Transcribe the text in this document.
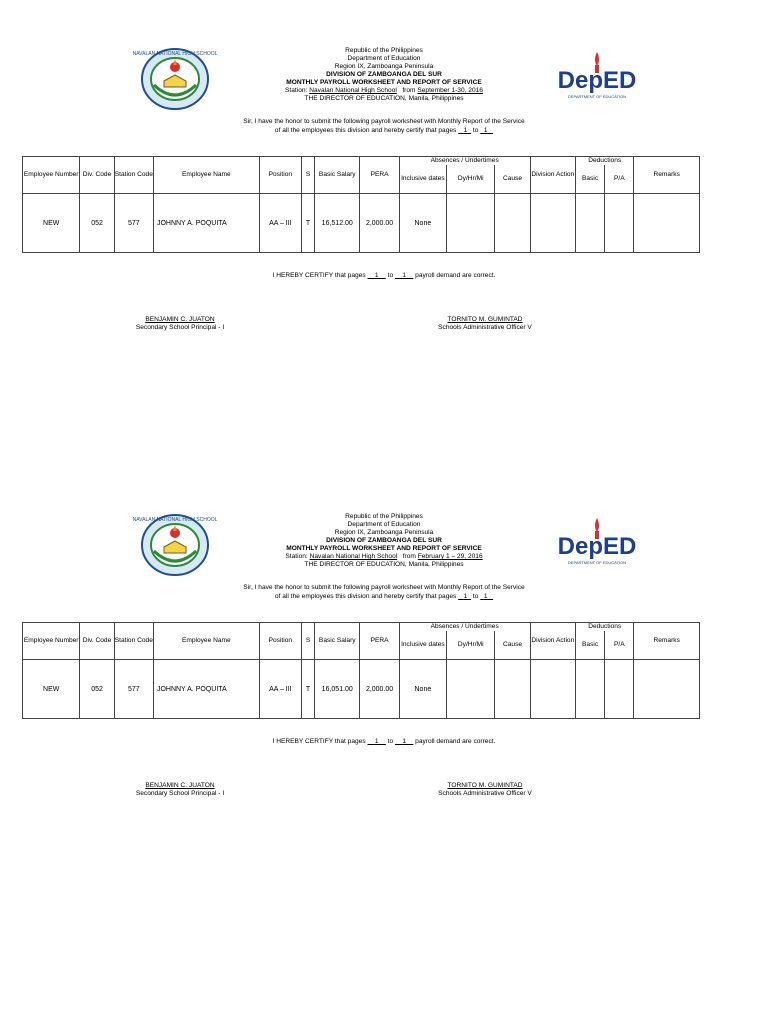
NAVALAN NATIONAL HIGH SCHOOL
DepED
DEPARTMENT OF EDUCATION
Republic of the Philippines
Department of Education
Region IX, Zamboanga Peninsula
DIVISION OF ZAMBOANGA DEL SUR
MONTHLY PAYROLL WORKSHEET AND REPORT OF SERVICE
Station: Navalan National High School from September 1-30, 2016
THE DIRECTOR OF EDUCATION, Manila, Philippines
Sir, I have the honor to submit the following payroll worksheet with Monthly Report of the Service
of all the employees this division and hereby certify that pages 1 to 1
Employee Number	Div. Code	Station Code	Employee Name	Position	S	Basic Salary	PERA	Absences / Undertimes			Division Action	Deductions		Remarks
								Inclusive dates	Dy/Hr/Mi	Cause		Basic	P/A	
NEW	052	577	JOHNNY A. POQUITA	AA – III	T	16,512.00	2,000.00	None						
I HEREBY CERTIFY that pages 1 to 1 payroll demand are correct.
BENJAMIN C. JUATON
Secondary School Principal - I
TORNITO M. GUMINTAD
Schools Administrative Officer V
NAVALAN NATIONAL HIGH SCHOOL
DepED
DEPARTMENT OF EDUCATION
Republic of the Philippines
Department of Education
Region IX, Zamboanga Peninsula
DIVISION OF ZAMBOANGA DEL SUR
MONTHLY PAYROLL WORKSHEET AND REPORT OF SERVICE
Station: Navalan National High School from February 1 – 29, 2016
THE DIRECTOR OF EDUCATION, Manila, Philippines
Sir, I have the honor to submit the following payroll worksheet with Monthly Report of the Service
of all the employees this division and hereby certify that pages 1 to 1
Employee Number	Div. Code	Station Code	Employee Name	Position	S	Basic Salary	PERA	Absences / Undertimes			Division Action	Deductions		Remarks
								Inclusive dates	Dy/Hr/Mi	Cause		Basic	P/A	
NEW	052	577	JOHNNY A. POQUITA	AA – III	T	16,051.00	2,000.00	None						
I HEREBY CERTIFY that pages 1 to 1 payroll demand are correct.
BENJAMIN C. JUATON
Secondary School Principal - I
TORNITO M. GUMINTAD
Schools Administrative Officer V
